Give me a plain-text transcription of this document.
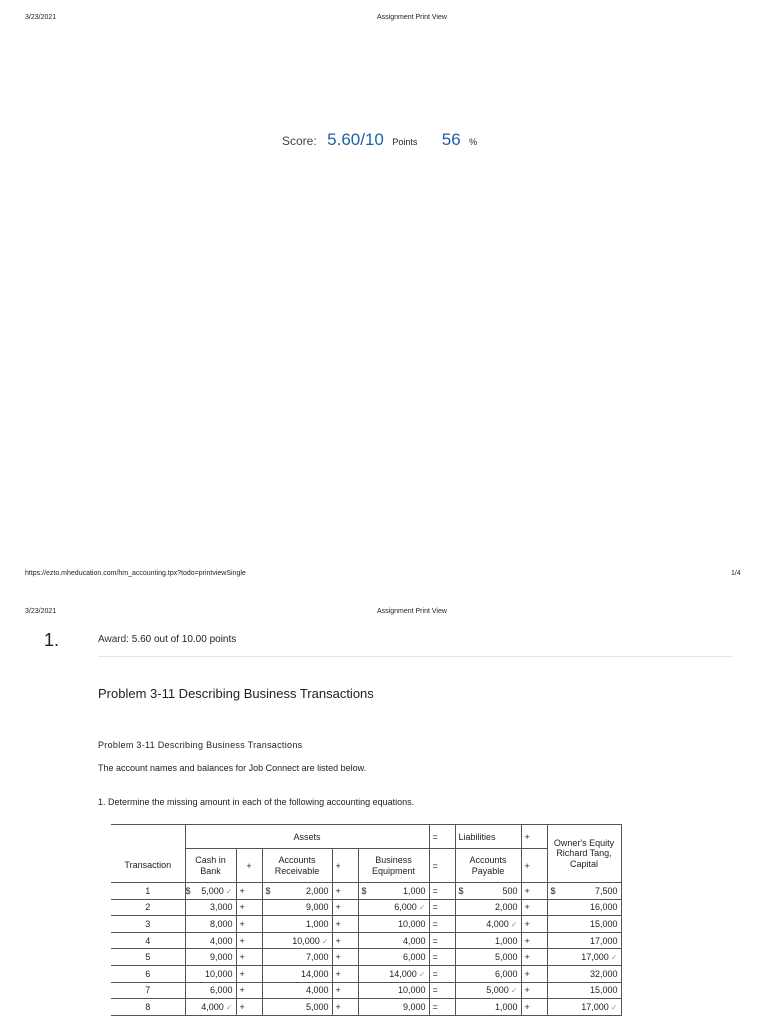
3/23/2021	Assignment Print View
Score: 5.60/10 Points 56 %
https://ezto.mheducation.com/hm_accounting.tpx?todo=printviewSingle	1/4
3/23/2021	Assignment Print View
1.	Award: 5.60 out of 10.00 points
Problem 3-11 Describing Business Transactions
Problem 3-11 Describing Business Transactions
The account names and balances for Job Connect are listed below.
1. Determine the missing amount in each of the following accounting equations.
	Assets					=	Liabilities	+	Owner's Equity Richard Tang, Capital
Transaction	Cash in Bank	+	Accounts Receivable	+	Business Equipment	=	Accounts Payable	+	
1	$ 5,000 ✓	+	$ 2,000	+	$ 1,000	=	$ 500	+	$ 7,500
2	3,000	+	9,000	+	6,000 ✓	=	2,000	+	16,000
3	8,000	+	1,000	+	10,000	=	4,000 ✓	+	15,000
4	4,000	+	10,000 ✓	+	4,000	=	1,000	+	17,000
5	9,000	+	7,000	+	6,000	=	5,000	+	17,000 ✓
6	10,000	+	14,000	+	14,000 ✓	=	6,000	+	32,000
7	6,000	+	4,000	+	10,000	=	5,000 ✓	+	15,000
8	4,000 ✓	+	5,000	+	9,000	=	1,000	+	17,000 ✓
